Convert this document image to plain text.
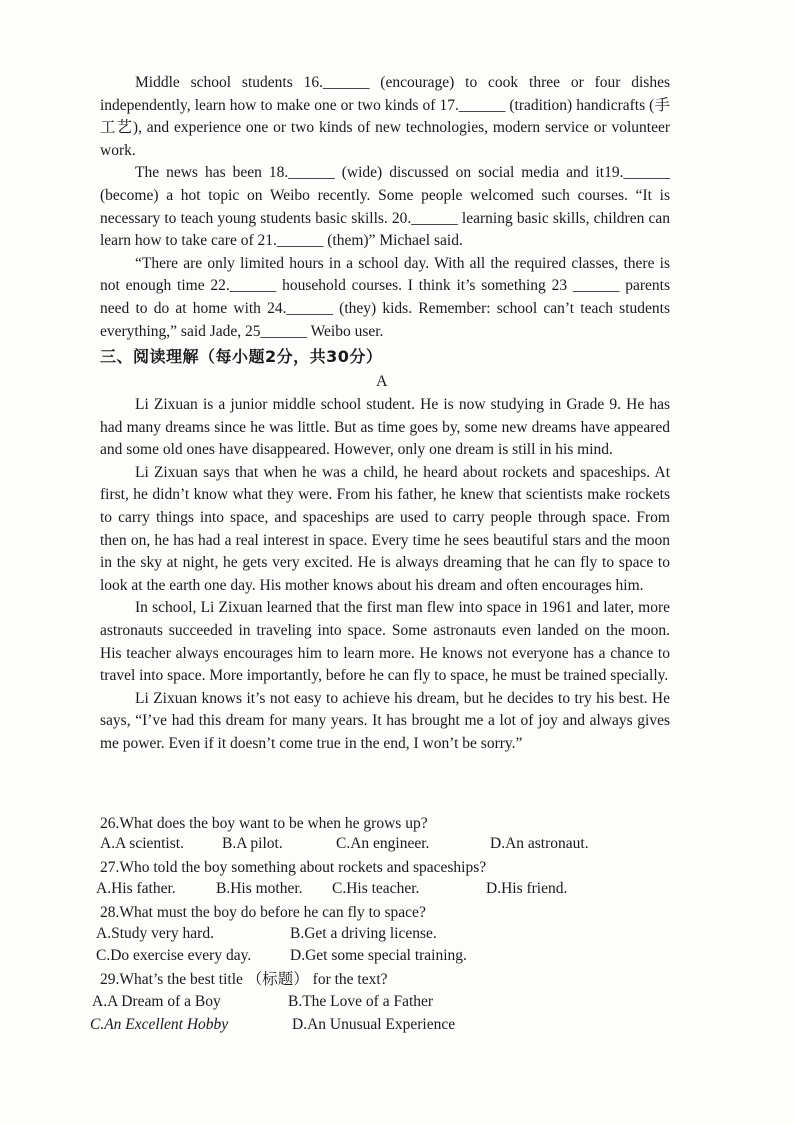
Middle school students 16.______ (encourage) to cook three or four dishes independently, learn how to make one or two kinds of 17.______ (tradition) handicrafts (手工艺), and experience one or two kinds of new technologies, modern service or volunteer work.

The news has been 18.______ (wide) discussed on social media and it19.______ (become) a hot topic on Weibo recently. Some people welcomed such courses. “It is necessary to teach young students basic skills. 20.______ learning basic skills, children can learn how to take care of 21.______ (them)” Michael said.

“There are only limited hours in a school day. With all the required classes, there is not enough time 22.______ household courses. I think it’s something 23 ______ parents need to do at home with 24.______ (they) kids. Remember: school can’t teach students everything,” said Jade, 25______ Weibo user.

三、阅读理解（每小题2分，共30分）
A

Li Zixuan is a junior middle school student. He is now studying in Grade 9. He has had many dreams since he was little. But as time goes by, some new dreams have appeared and some old ones have disappeared. However, only one dream is still in his mind.

Li Zixuan says that when he was a child, he heard about rockets and spaceships. At first, he didn’t know what they were. From his father, he knew that scientists make rockets to carry things into space, and spaceships are used to carry people through space. From then on, he has had a real interest in space. Every time he sees beautiful stars and the moon in the sky at night, he gets very excited. He is always dreaming that he can fly to space to look at the earth one day. His mother knows about his dream and often encourages him.

In school, Li Zixuan learned that the first man flew into space in 1961 and later, more astronauts succeeded in traveling into space. Some astronauts even landed on the moon. His teacher always encourages him to learn more. He knows not everyone has a chance to travel into space. More importantly, before he can fly to space, he must be trained specially.

Li Zixuan knows it’s not easy to achieve his dream, but he decides to try his best. He says, “I’ve had this dream for many years. It has brought me a lot of joy and always gives me power. Even if it doesn’t come true in the end, I won’t be sorry.”

26.What does the boy want to be when he grows up?
A.A scientist. B.A pilot.	C.An engineer.	D.An astronaut.
27.Who told the boy something about rockets and spaceships?
A.His father.	B.His mother. C.His teacher.	D.His friend.
28.What must the boy do before he can fly to space?
A.Study very hard.	B.Get a driving license.
C.Do exercise every day.	D.Get some special training.
29.What’s the best title （标题） for the text?
A.A Dream of a Boy	B.The Love of a Father
C.An Excellent Hobby	D.An Unusual Experience
